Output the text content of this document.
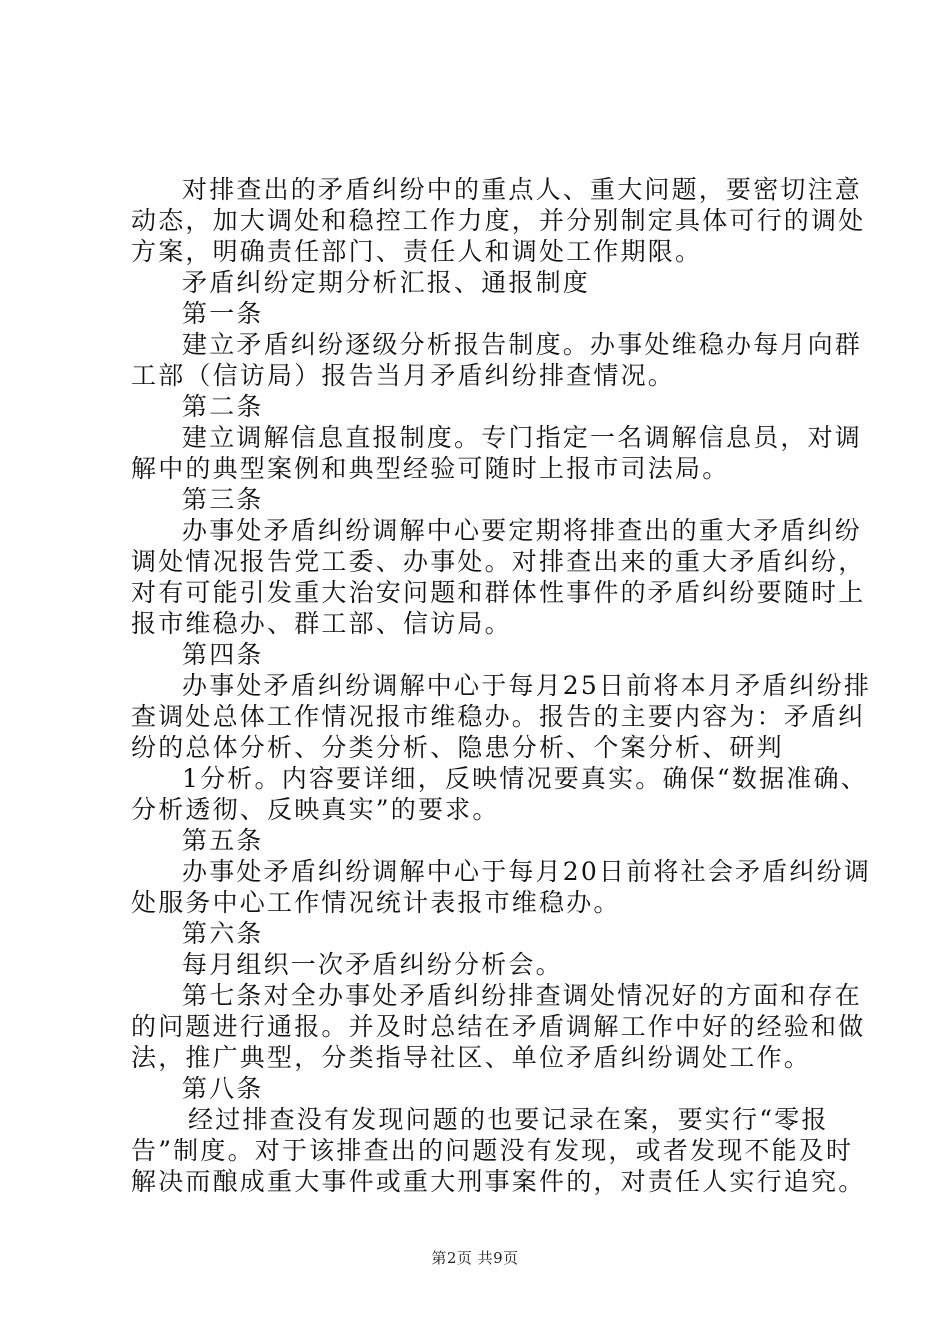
对排查出的矛盾纠纷中的重点人、重大问题，要密切注意
动态，加大调处和稳控工作力度，并分别制定具体可行的调处
方案，明确责任部门、责任人和调处工作期限。
矛盾纠纷定期分析汇报、通报制度
第一条
建立矛盾纠纷逐级分析报告制度。办事处维稳办每月向群
工部（信访局）报告当月矛盾纠纷排查情况。
第二条
建立调解信息直报制度。专门指定一名调解信息员，对调
解中的典型案例和典型经验可随时上报市司法局。
第三条
办事处矛盾纠纷调解中心要定期将排查出的重大矛盾纠纷
调处情况报告党工委、办事处。对排查出来的重大矛盾纠纷，
对有可能引发重大治安问题和群体性事件的矛盾纠纷要随时上
报市维稳办、群工部、信访局。
第四条
办事处矛盾纠纷调解中心于每月25日前将本月矛盾纠纷排
查调处总体工作情况报市维稳办。报告的主要内容为：矛盾纠
纷的总体分析、分类分析、隐患分析、个案分析、研判
1分析。内容要详细，反映情况要真实。确保“数据准确、
分析透彻、反映真实”的要求。
第五条
办事处矛盾纠纷调解中心于每月20日前将社会矛盾纠纷调
处服务中心工作情况统计表报市维稳办。
第六条
每月组织一次矛盾纠纷分析会。
第七条对全办事处矛盾纠纷排查调处情况好的方面和存在
的问题进行通报。并及时总结在矛盾调解工作中好的经验和做
法，推广典型，分类指导社区、单位矛盾纠纷调处工作。
第八条
经过排查没有发现问题的也要记录在案，要实行“零报
告”制度。对于该排查出的问题没有发现，或者发现不能及时
解决而酿成重大事件或重大刑事案件的，对责任人实行追究。
第2页 共9页
